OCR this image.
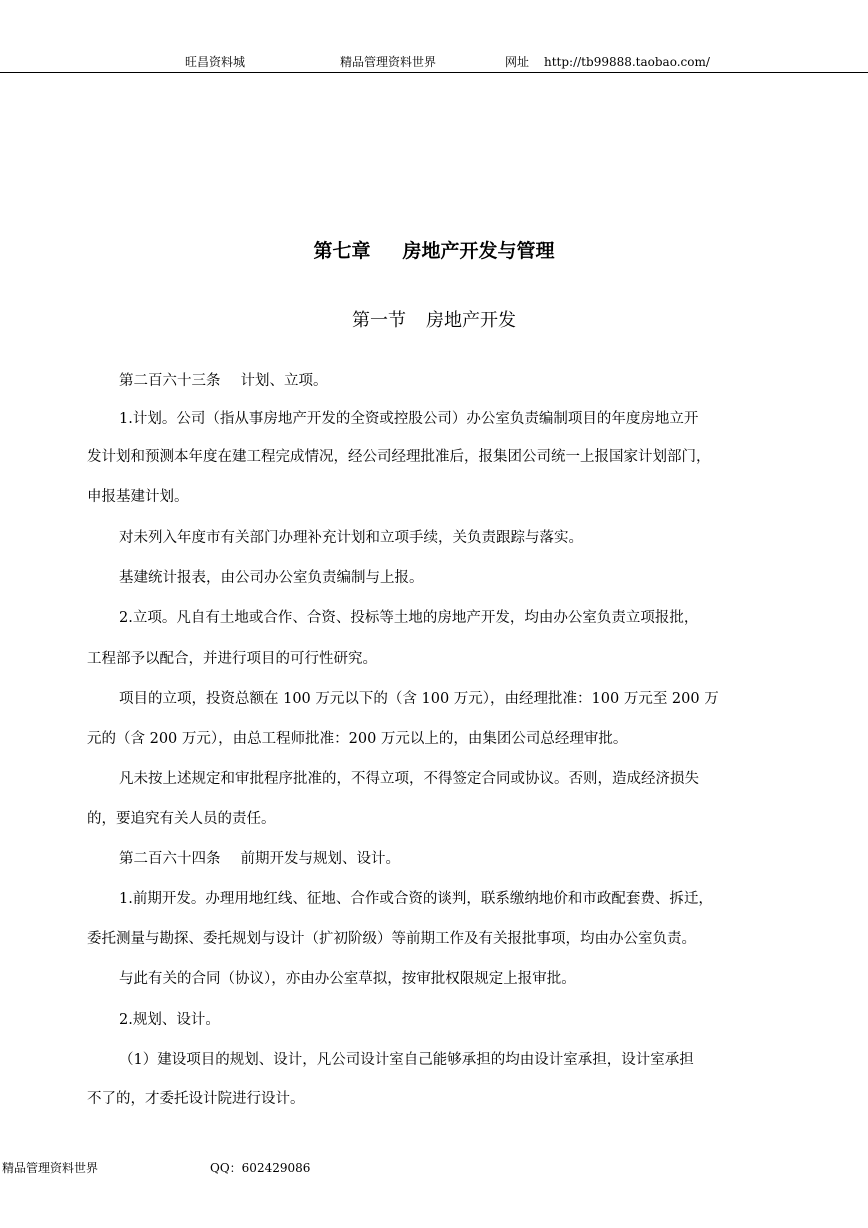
旺昌资料城	精品管理资料世界	网址 http://tb99888.taobao.com/
第七章 房地产开发与管理
第一节 房地产开发
第二百六十三条 计划、立项。
1.计划。公司（指从事房地产开发的全资或控股公司）办公室负责编制项目的年度房地立开
发计划和预测本年度在建工程完成情况，经公司经理批准后，报集团公司统一上报国家计划部门，
申报基建计划。
对未列入年度市有关部门办理补充计划和立项手续，关负责跟踪与落实。
基建统计报表，由公司办公室负责编制与上报。
2.立项。凡自有土地或合作、合资、投标等土地的房地产开发，均由办公室负责立项报批，
工程部予以配合，并进行项目的可行性研究。
项目的立项，投资总额在 100 万元以下的（含 100 万元），由经理批准：100 万元至 200 万
元的（含 200 万元），由总工程师批准：200 万元以上的，由集团公司总经理审批。
凡未按上述规定和审批程序批准的，不得立项，不得签定合同或协议。否则，造成经济损失
的，要追究有关人员的责任。
第二百六十四条 前期开发与规划、设计。
1.前期开发。办理用地红线、征地、合作或合资的谈判，联系缴纳地价和市政配套费、拆迁，
委托测量与勘探、委托规划与设计（扩初阶级）等前期工作及有关报批事项，均由办公室负责。
与此有关的合同（协议），亦由办公室草拟，按审批权限规定上报审批。
2.规划、设计。
（1）建设项目的规划、设计，凡公司设计室自己能够承担的均由设计室承担，设计室承担
不了的，才委托设计院进行设计。
精品管理资料世界	QQ：602429086
